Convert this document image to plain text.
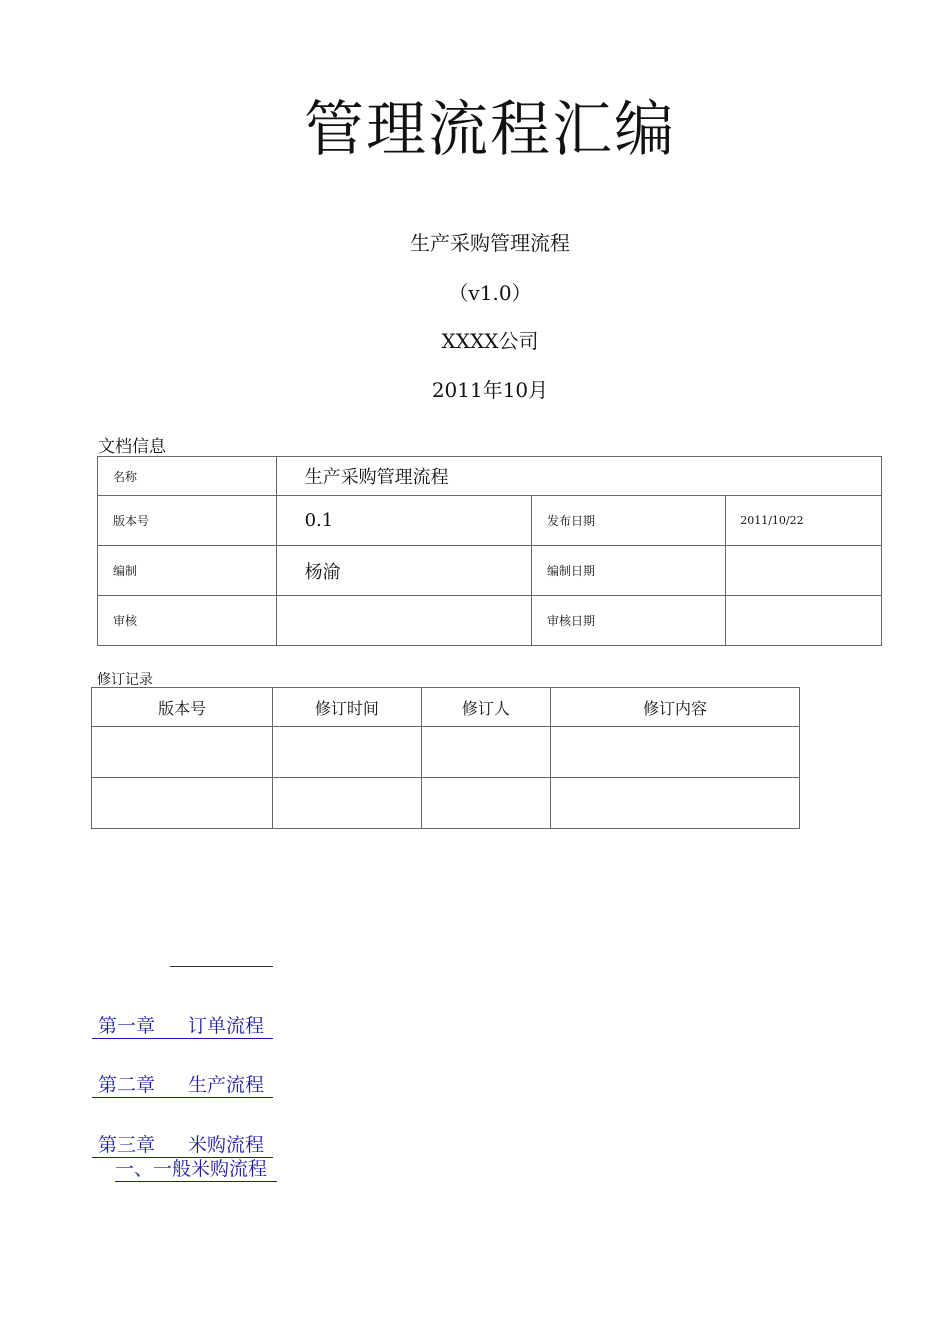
管理流程汇编
生产采购管理流程
（v1.0）
XXXX公司
2011年10月
文档信息
名称	生产采购管理流程		
版本号	0.1	发布日期	2011/10/22
编制	杨渝	编制日期	
审核		审核日期	
修订记录
版本号	修订时间	修订人	修订内容

第一章 订单流程
第二章 生产流程
第三章 米购流程
一、一般米购流程
